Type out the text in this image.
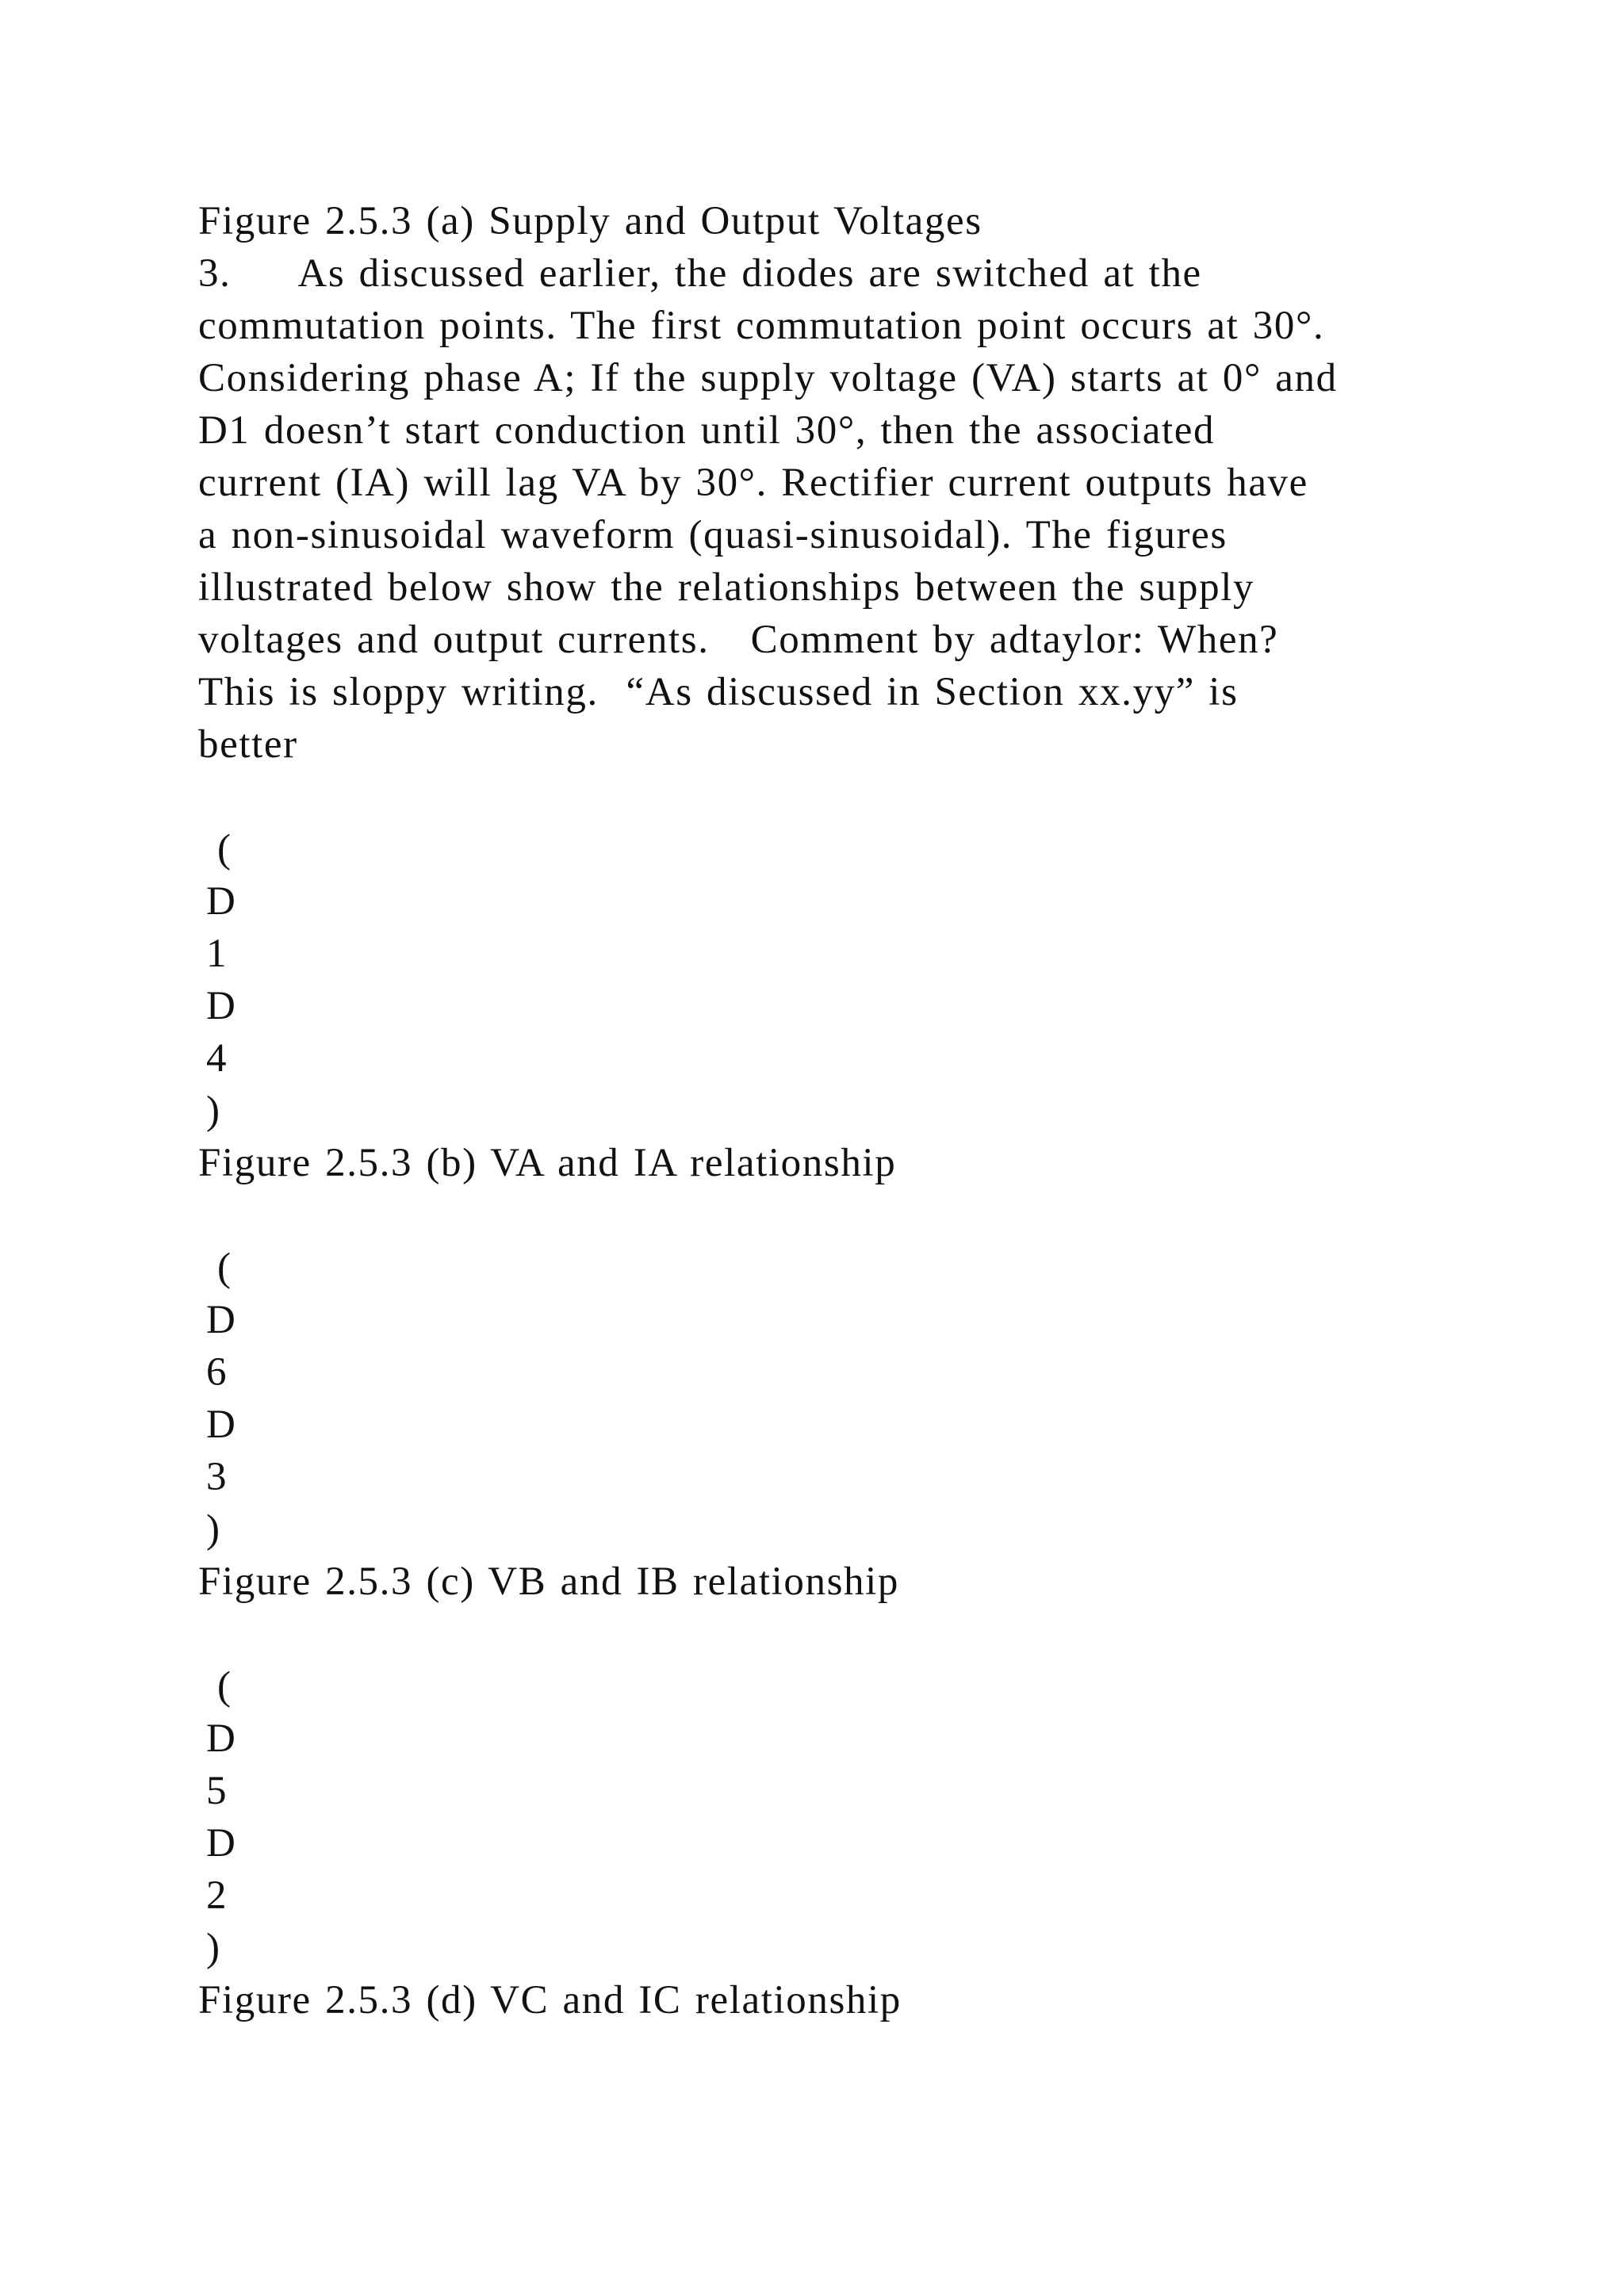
Figure 2.5.3 (a) Supply and Output Voltages
3.     As discussed earlier, the diodes are switched at the
commutation points. The first commutation point occurs at 30°.
Considering phase A; If the supply voltage (VA) starts at 0° and
D1 doesn’t start conduction until 30°, then the associated
current (IA) will lag VA by 30°. Rectifier current outputs have
a non-sinusoidal waveform (quasi-sinusoidal). The figures
illustrated below show the relationships between the supply
voltages and output currents.   Comment by adtaylor: When?
This is sloppy writing.  “As discussed in Section xx.yy” is
better
(
D
1
D
4
)
Figure 2.5.3 (b) VA and IA relationship
(
D
6
D
3
)
Figure 2.5.3 (c) VB and IB relationship
(
D
5
D
2
)
Figure 2.5.3 (d) VC and IC relationship
